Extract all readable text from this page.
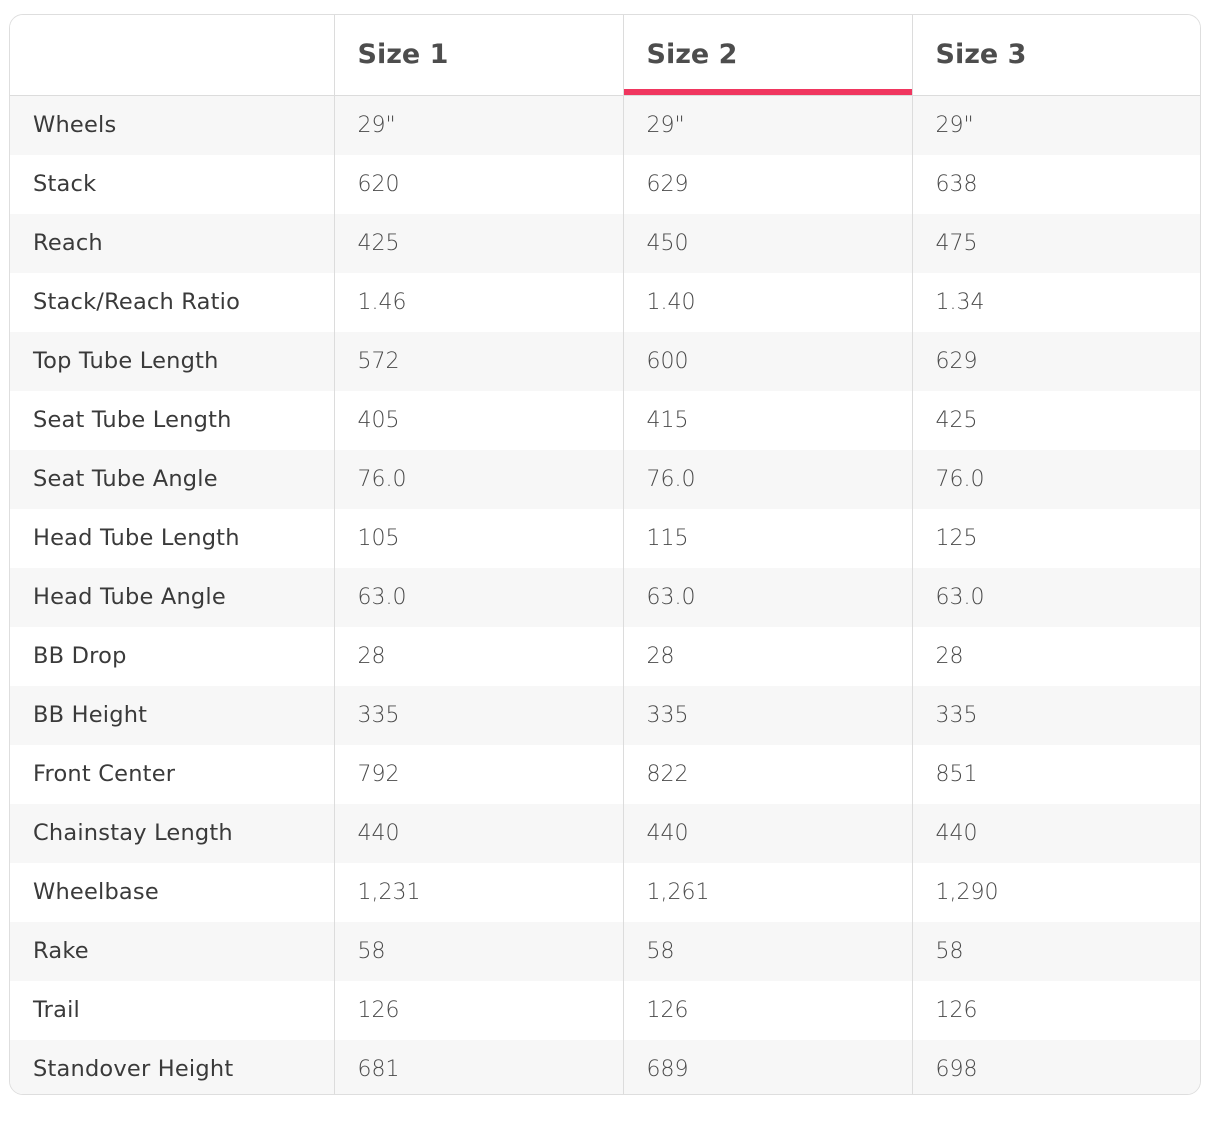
	Size 1	Size 2	Size 3
Wheels	29"	29"	29"
Stack	620	629	638
Reach	425	450	475
Stack/Reach Ratio	1.46	1.40	1.34
Top Tube Length	572	600	629
Seat Tube Length	405	415	425
Seat Tube Angle	76.0	76.0	76.0
Head Tube Length	105	115	125
Head Tube Angle	63.0	63.0	63.0
BB Drop	28	28	28
BB Height	335	335	335
Front Center	792	822	851
Chainstay Length	440	440	440
Wheelbase	1,231	1,261	1,290
Rake	58	58	58
Trail	126	126	126
Standover Height	681	689	698
